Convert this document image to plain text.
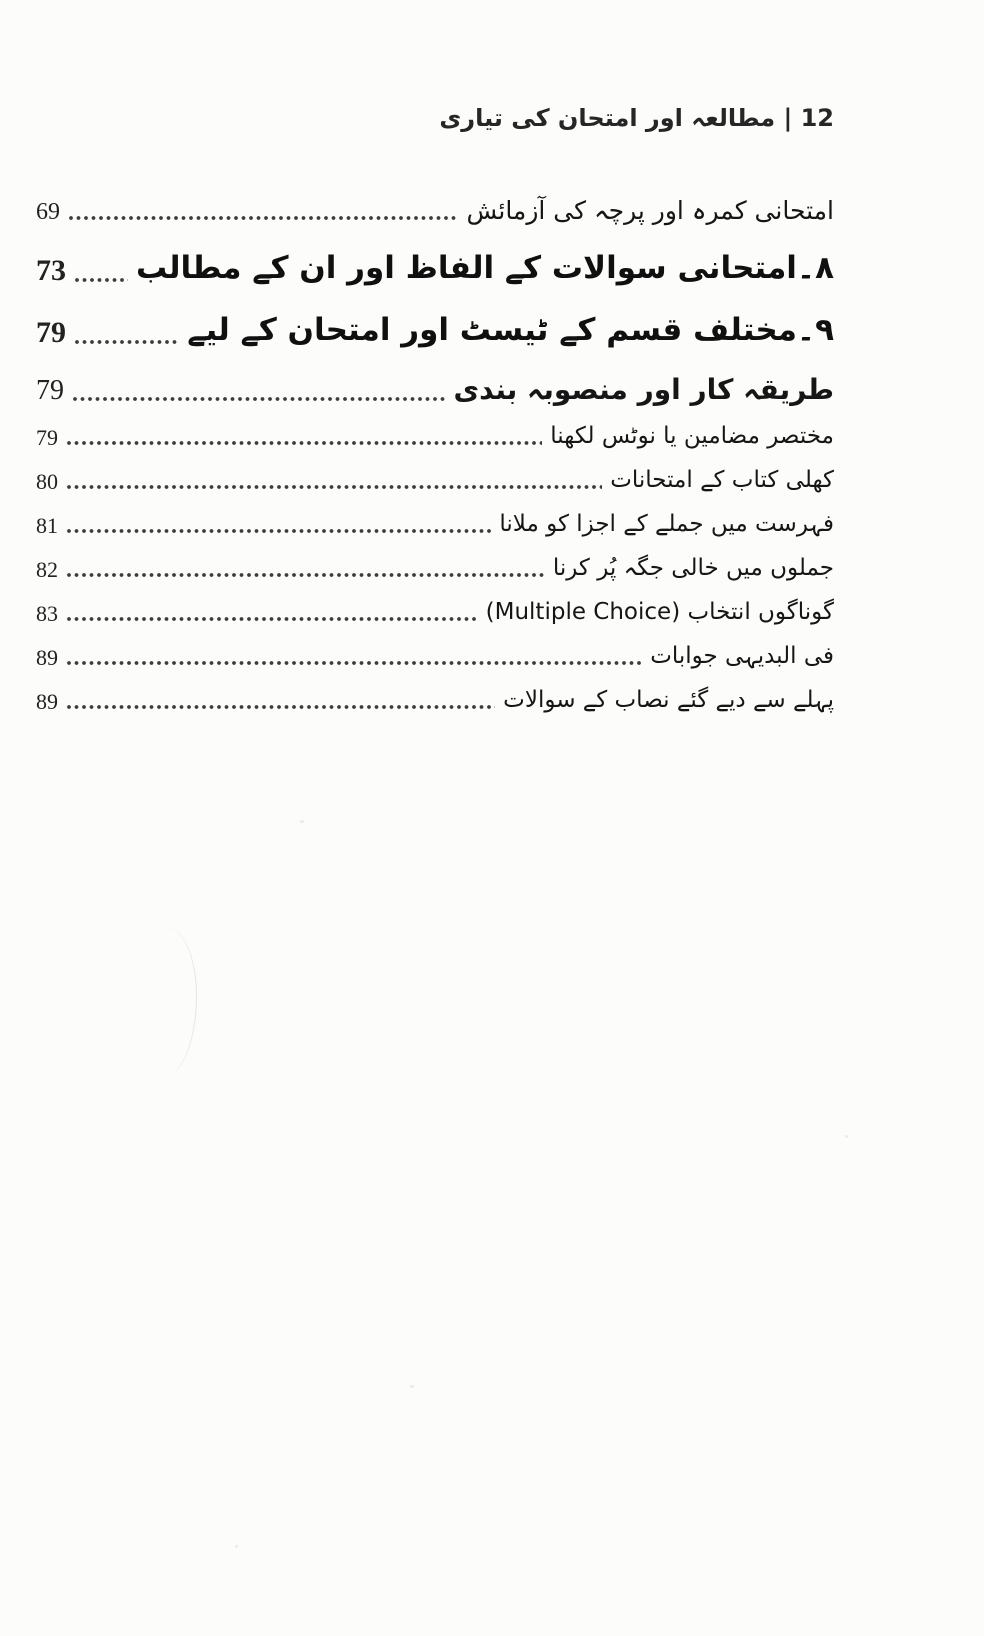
12 | مطالعہ اور امتحان کی تیاری
69	امتحانی کمرہ اور پرچہ کی آزمائش
73 ۸۔امتحانی سوالات کے الفاظ اور ان کے مطالب
79	۹۔مختلف قسم کے ٹیسٹ اور امتحان کے لیے
79	طریقہ کار اور منصوبہ بندی
79	مختصر مضامین یا نوٹس لکھنا
80	کھلی کتاب کے امتحانات
81	فہرست میں جملے کے اجزا کو ملانا
82	جملوں میں خالی جگہ پُر کرنا
83	گوناگوں انتخاب (Multiple Choice)
89	فی البدیہی جوابات
89	پہلے سے دیے گئے نصاب کے سوالات
